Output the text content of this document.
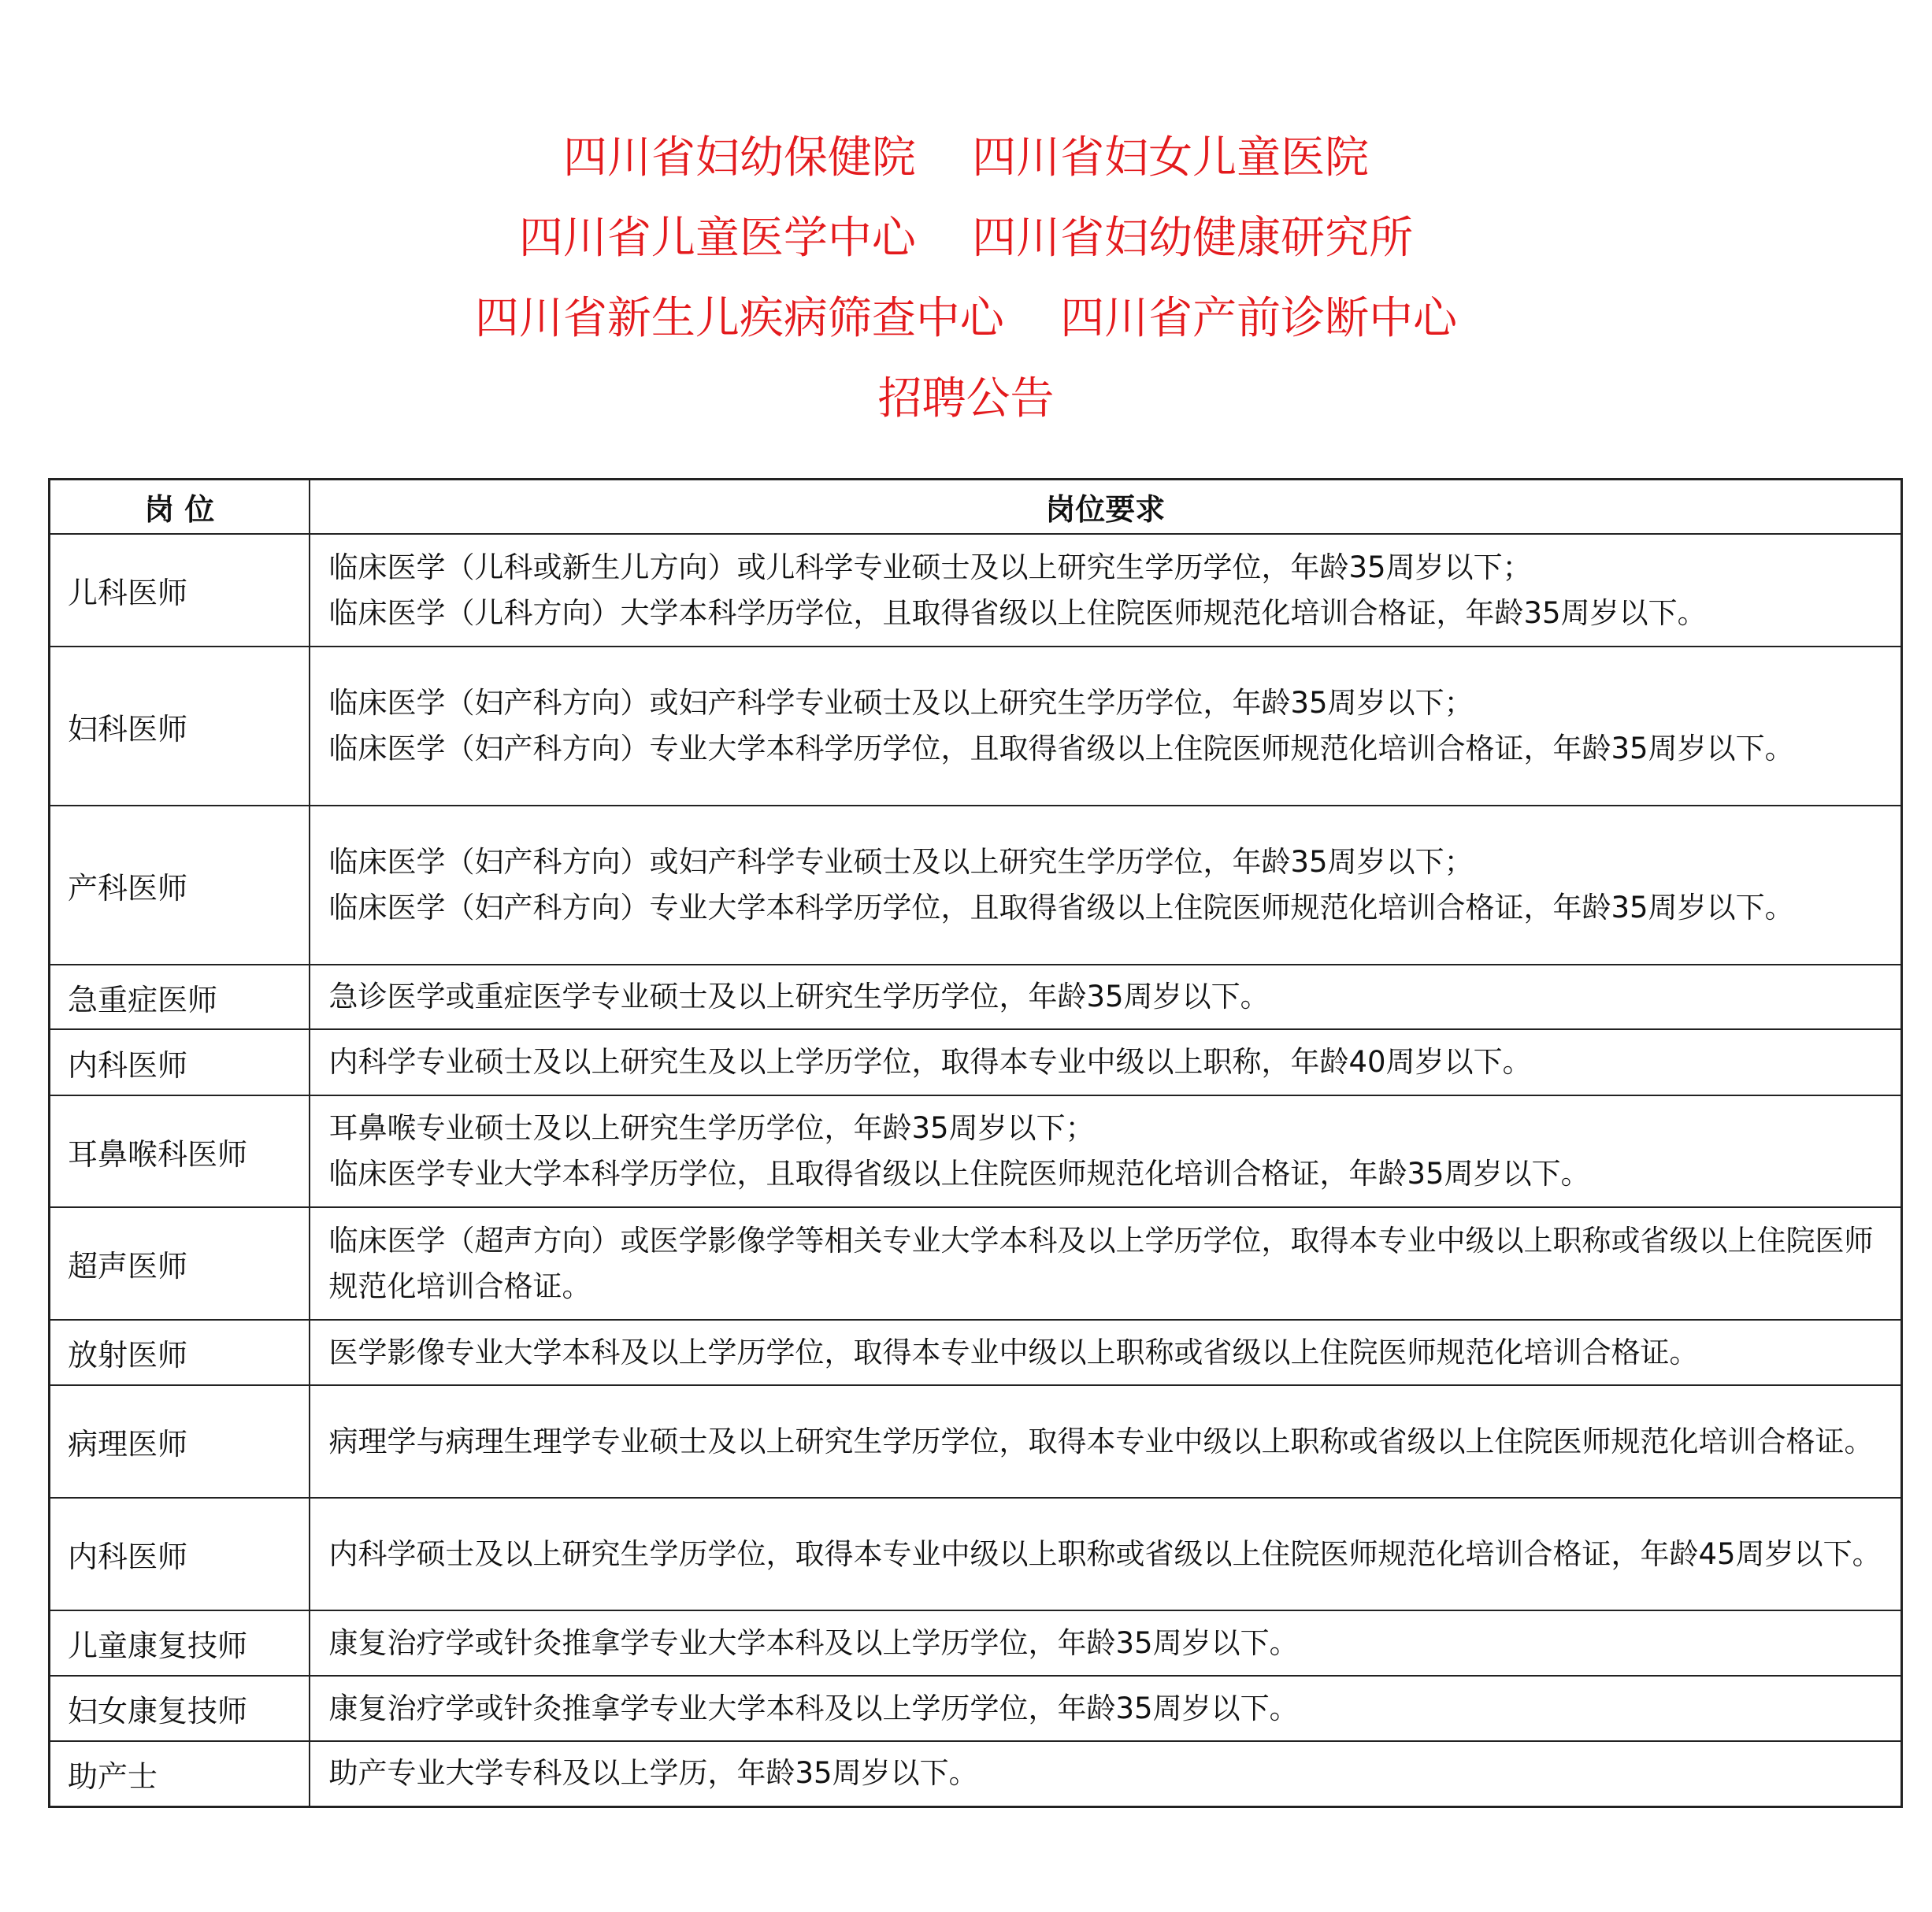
四川省妇幼保健院    四川省妇女儿童医院
四川省儿童医学中心    四川省妇幼健康研究所
四川省新生儿疾病筛查中心    四川省产前诊断中心
招聘公告
岗 位	岗位要求
儿科医师	临床医学（儿科或新生儿方向）或儿科学专业硕士及以上研究生学历学位，年龄35周岁以下；
临床医学（儿科方向）大学本科学历学位，且取得省级以上住院医师规范化培训合格证，年龄35周岁以下。

妇科医师	临床医学（妇产科方向）或妇产科学专业硕士及以上研究生学历学位，年龄35周岁以下；
临床医学（妇产科方向）专业大学本科学历学位，且取得省级以上住院医师规范化培训合格证，年龄35周岁以下。

产科医师	临床医学（妇产科方向）或妇产科学专业硕士及以上研究生学历学位，年龄35周岁以下；
临床医学（妇产科方向）专业大学本科学历学位，且取得省级以上住院医师规范化培训合格证，年龄35周岁以下。

急重症医师	急诊医学或重症医学专业硕士及以上研究生学历学位，年龄35周岁以下。

内科医师	内科学专业硕士及以上研究生及以上学历学位，取得本专业中级以上职称，年龄40周岁以下。

耳鼻喉科医师	耳鼻喉专业硕士及以上研究生学历学位，年龄35周岁以下；
临床医学专业大学本科学历学位，且取得省级以上住院医师规范化培训合格证，年龄35周岁以下。

超声医师	临床医学（超声方向）或医学影像学等相关专业大学本科及以上学历学位，取得本专业中级以上职称或省级以上住院医师规范化培训合格证。

放射医师	医学影像专业大学本科及以上学历学位，取得本专业中级以上职称或省级以上住院医师规范化培训合格证。

病理医师	病理学与病理生理学专业硕士及以上研究生学历学位，取得本专业中级以上职称或省级以上住院医师规范化培训合格证。

内科医师	内科学硕士及以上研究生学历学位，取得本专业中级以上职称或省级以上住院医师规范化培训合格证，年龄45周岁以下。

儿童康复技师	康复治疗学或针灸推拿学专业大学本科及以上学历学位，年龄35周岁以下。

妇女康复技师	康复治疗学或针灸推拿学专业大学本科及以上学历学位，年龄35周岁以下。

助产士	助产专业大学专科及以上学历，年龄35周岁以下。
